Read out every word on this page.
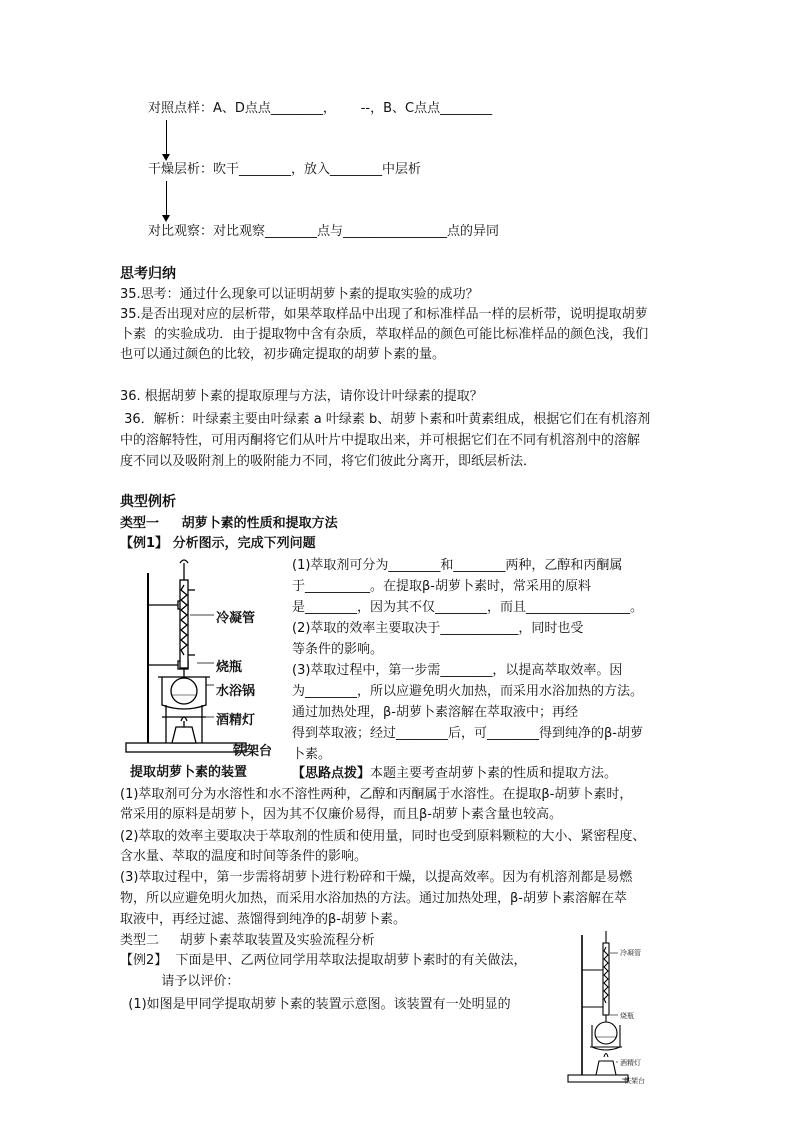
对照点样：A、D点点________，      --，B、C点点________
干燥层析：吹干________，放入________中层析
对比观察：对比观察________点与________________点的异同
思考归纳
35.思考：通过什么现象可以证明胡萝卜素的提取实验的成功？
35.是否出现对应的层析带，如果萃取样品中出现了和标准样品一样的层析带，说明提取胡萝
卜素  的实验成功．由于提取物中含有杂质，萃取样品的颜色可能比标准样品的颜色浅，我们
也可以通过颜色的比较，初步确定提取的胡萝卜素的量。
36. 根据胡萝卜素的提取原理与方法，请你设计叶绿素的提取？
36．解析：叶绿素主要由叶绿素 a 叶绿素 b、胡萝卜素和叶黄素组成，根据它们在有机溶剂
中的溶解特性，可用丙酮将它们从叶片中提取出来，并可根据它们在不同有机溶剂中的溶解
度不同以及吸附剂上的吸附能力不同，将它们彼此分离开，即纸层析法．
典型例析
类型一     胡萝卜素的性质和提取方法
【例1】 分析图示，完成下列问题
冷凝管
烧瓶
水浴锅
酒精灯
铁架台
提取胡萝卜素的装置
(1)萃取剂可分为________和________两种，乙醇和丙酮属
于__________。在提取β-胡萝卜素时，常采用的原料
是________，因为其不仅________，而且________________。
(2)萃取的效率主要取决于____________，同时也受
等条件的影响。
(3)萃取过程中，第一步需________，以提高萃取效率。因
为________，所以应避免明火加热，而采用水浴加热的方法。
通过加热处理，β-胡萝卜素溶解在萃取液中；再经
得到萃取液；经过________后，可________得到纯净的β-胡萝
卜素。
【思路点拨】本题主要考查胡萝卜素的性质和提取方法。
(1)萃取剂可分为水溶性和水不溶性两种，乙醇和丙酮属于水溶性。在提取β-胡萝卜素时，
常采用的原料是胡萝卜，因为其不仅廉价易得，而且β-胡萝卜素含量也较高。
(2)萃取的效率主要取决于萃取剂的性质和使用量，同时也受到原料颗粒的大小、紧密程度、
含水量、萃取的温度和时间等条件的影响。
(3)萃取过程中，第一步需将胡萝卜进行粉碎和干燥，以提高效率。因为有机溶剂都是易燃
物，所以应避免明火加热，而采用水浴加热的方法。通过加热处理，β-胡萝卜素溶解在萃
取液中，再经过滤、蒸馏得到纯净的β-胡萝卜素。
类型二     胡萝卜素萃取装置及实验流程分析
【例2】  下面是甲、乙两位同学用萃取法提取胡萝卜素时的有关做法，
请予以评价：
(1)如图是甲同学提取胡萝卜素的装置示意图。该装置有一处明显的
冷凝管
烧瓶
酒精灯
铁架台
